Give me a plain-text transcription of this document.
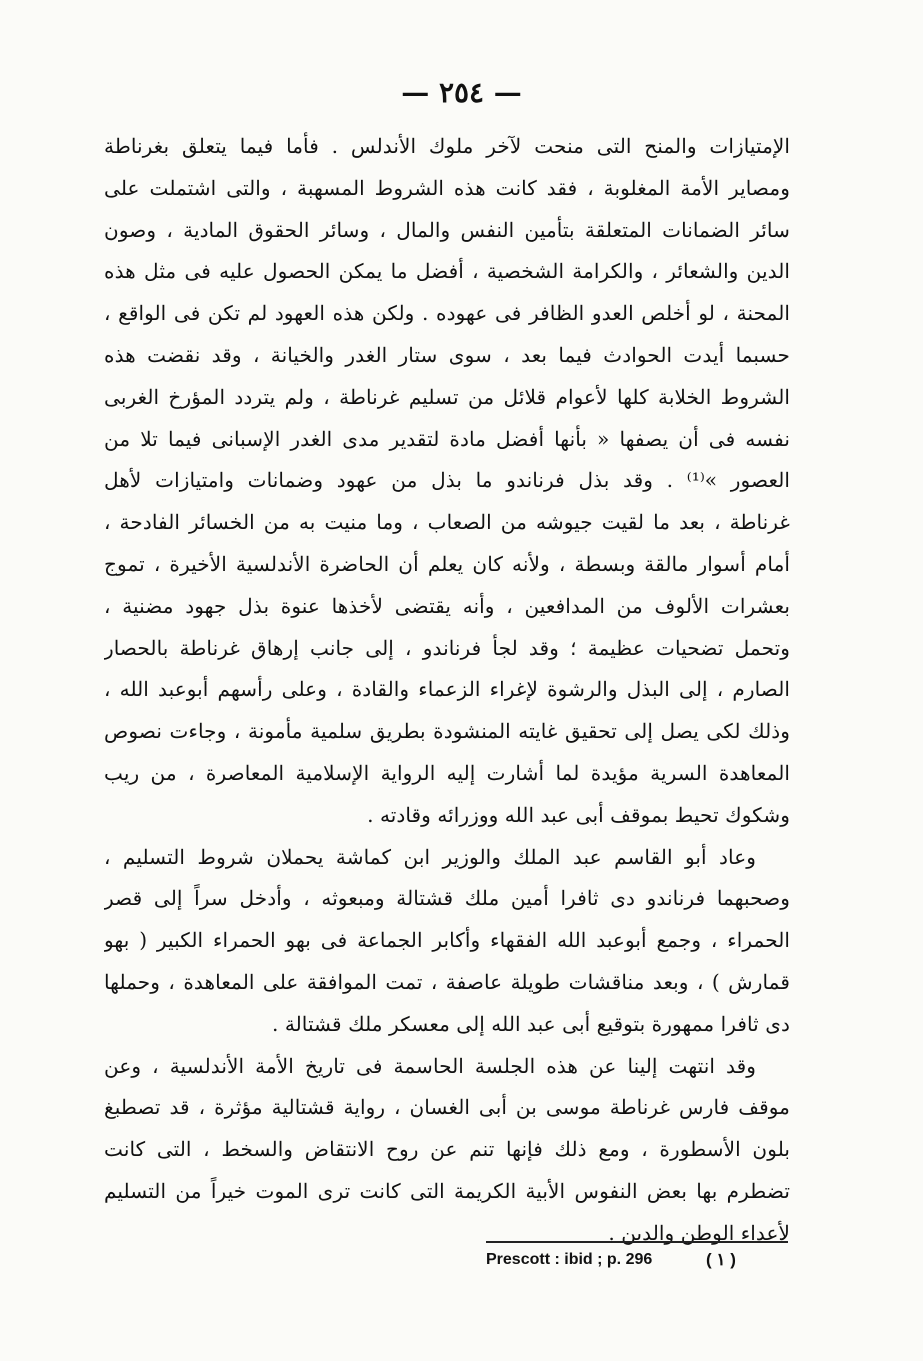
— ٢٥٤ —
الإمتيازات والمنح التى منحت لآخر ملوك الأندلس . فأما فيما يتعلق بغرناطة
ومصاير الأمة المغلوبة ، فقد كانت هذه الشروط المسهبة ، والتى اشتملت على
سائر الضمانات المتعلقة بتأمين النفس والمال ، وسائر الحقوق المادية ، وصون
الدين والشعائر ، والكرامة الشخصية ، أفضل ما يمكن الحصول عليه فى مثل هذه
المحنة ، لو أخلص العدو الظافر فى عهوده . ولكن هذه العهود لم تكن فى الواقع ،
حسبما أيدت الحوادث فيما بعد ، سوى ستار الغدر والخيانة ، وقد نقضت هذه
الشروط الخلابة كلها لأعوام قلائل من تسليم غرناطة ، ولم يتردد المؤرخ الغربى
نفسه فى أن يصفها « بأنها أفضل مادة لتقدير مدى الغدر الإسبانى فيما تلا من
العصور »⁽¹⁾ . وقد بذل فرناندو ما بذل من عهود وضمانات وامتيازات لأهل
غرناطة ، بعد ما لقيت جيوشه من الصعاب ، وما منيت به من الخسائر الفادحة ،
أمام أسوار مالقة وبسطة ، ولأنه كان يعلم أن الحاضرة الأندلسية الأخيرة ، تموج
بعشرات الألوف من المدافعين ، وأنه يقتضى لأخذها عنوة بذل جهود مضنية ،
وتحمل تضحيات عظيمة ؛ وقد لجأ فرناندو ، إلى جانب إرهاق غرناطة بالحصار
الصارم ، إلى البذل والرشوة لإغراء الزعماء والقادة ، وعلى رأسهم أبوعبد الله ،
وذلك لكى يصل إلى تحقيق غايته المنشودة بطريق سلمية مأمونة ، وجاءت نصوص
المعاهدة السرية مؤيدة لما أشارت إليه الرواية الإسلامية المعاصرة ، من ريب
وشكوك تحيط بموقف أبى عبد الله ووزرائه وقادته .
وعاد أبو القاسم عبد الملك والوزير ابن كماشة يحملان شروط التسليم ،
وصحبهما فرناندو دى ثافرا أمين ملك قشتالة ومبعوثه ، وأدخل سراً إلى قصر
الحمراء ، وجمع أبوعبد الله الفقهاء وأكابر الجماعة فى بهو الحمراء الكبير ( بهو
قمارش ) ، وبعد مناقشات طويلة عاصفة ، تمت الموافقة على المعاهدة ، وحملها
دى ثافرا ممهورة بتوقيع أبى عبد الله إلى معسكر ملك قشتالة .
وقد انتهت إلينا عن هذه الجلسة الحاسمة فى تاريخ الأمة الأندلسية ، وعن
موقف فارس غرناطة موسى بن أبى الغسان ، رواية قشتالية مؤثرة ، قد تصطبغ
بلون الأسطورة ، ومع ذلك فإنها تنم عن روح الانتقاض والسخط ، التى كانت
تضطرم بها بعض النفوس الأبية الكريمة التى كانت ترى الموت خيراً من التسليم
لأعداء الوطن والدين .
Prescott : ibid ; p. 296	( ١ )
